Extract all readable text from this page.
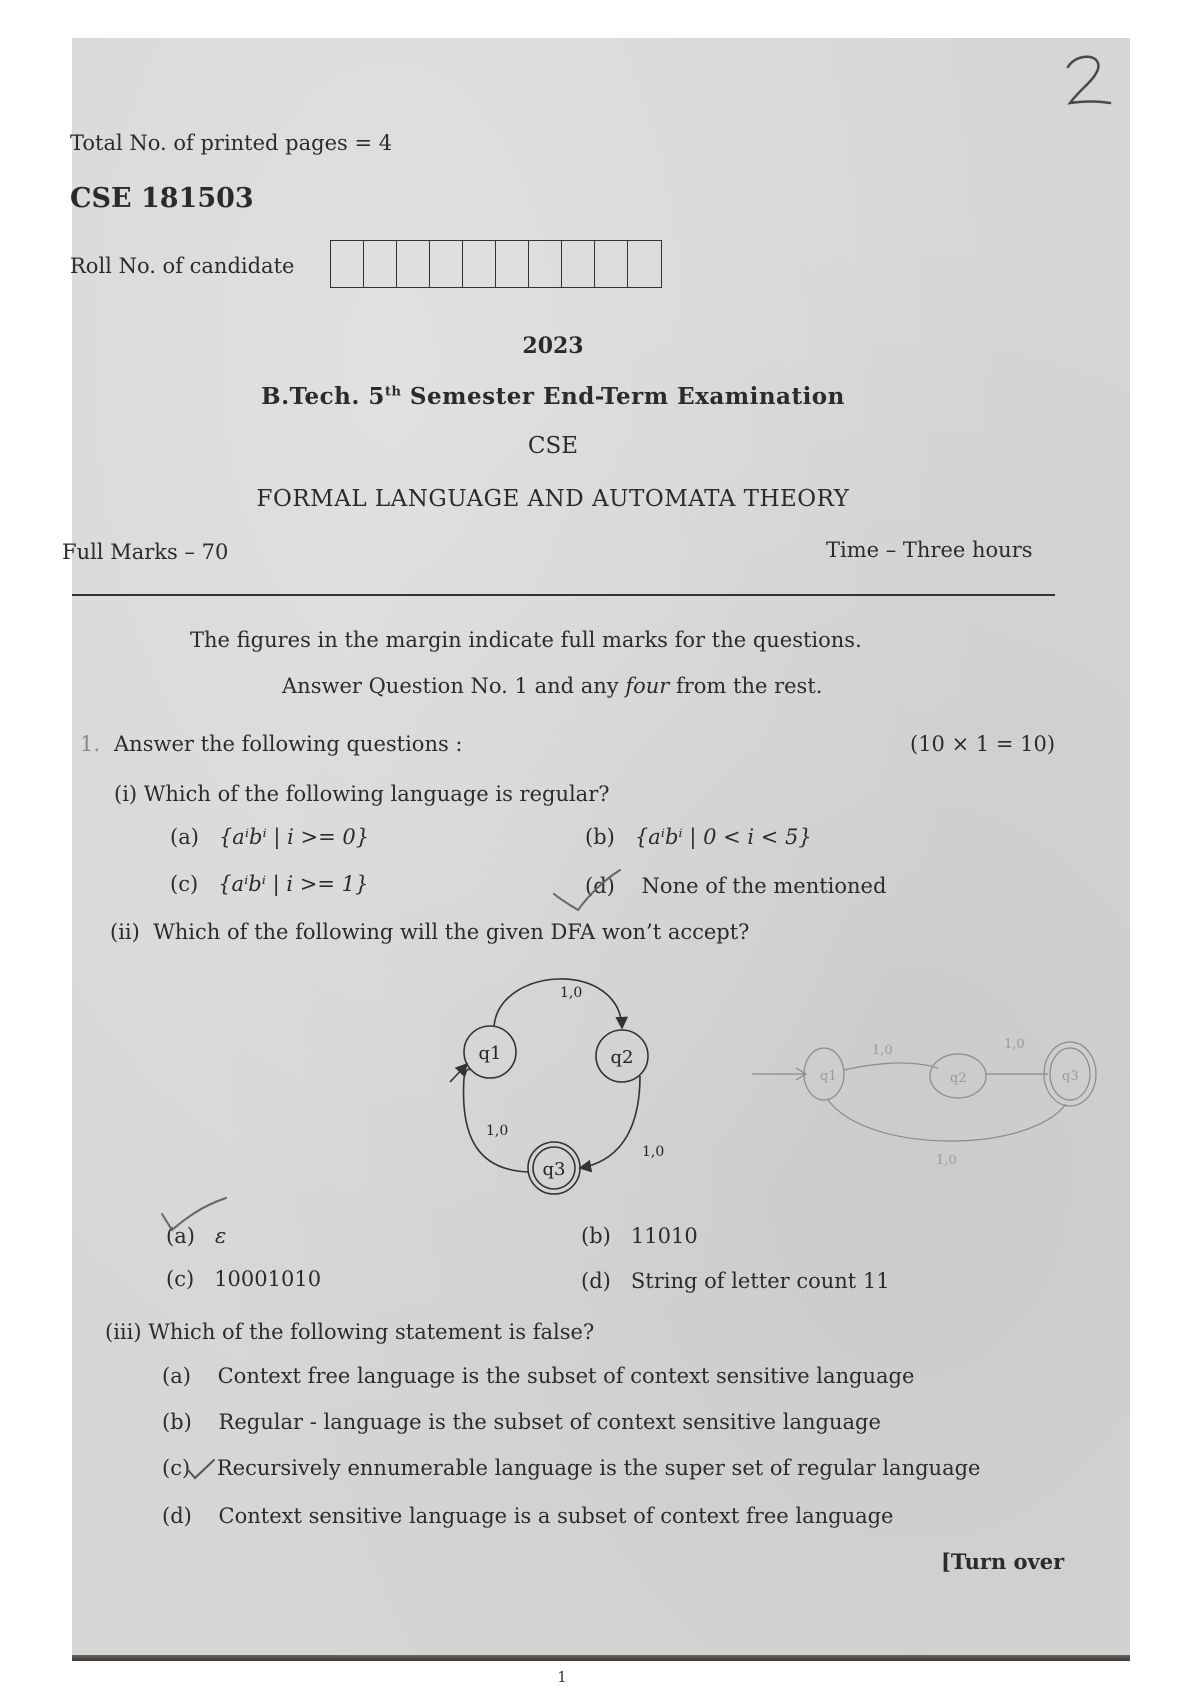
Total No. of printed pages = 4
CSE 181503
Roll No. of candidate
2023
B.Tech. 5th Semester End-Term Examination
CSE
FORMAL LANGUAGE AND AUTOMATA THEORY
Full Marks – 70	Time – Three hours
The figures in the margin indicate full marks for the questions.
Answer Question No. 1 and any four from the rest.
1. Answer the following questions :	(10 × 1 = 10)
(i) Which of the following language is regular?
(a) {aⁱbⁱ | i >= 0}	(b) {aⁱbⁱ | 0 < i < 5}
(c) {aⁱbⁱ | i >= 1}	(d) None of the mentioned
(ii) Which of the following will the given DFA won’t accept?
q1	q2
q3
1,0
1,0
1,0
q1	q2	q3
1,0	1,0
1,0
(a) ε	(b) 11010
(c) 10001010	(d) String of letter count 11
(iii) Which of the following statement is false?
(a) Context free language is the subset of context sensitive language
(b) Regular - language is the subset of context sensitive language
(c) Recursively ennumerable language is the super set of regular language
(d) Context sensitive language is a subset of context free language
[Turn over
1
